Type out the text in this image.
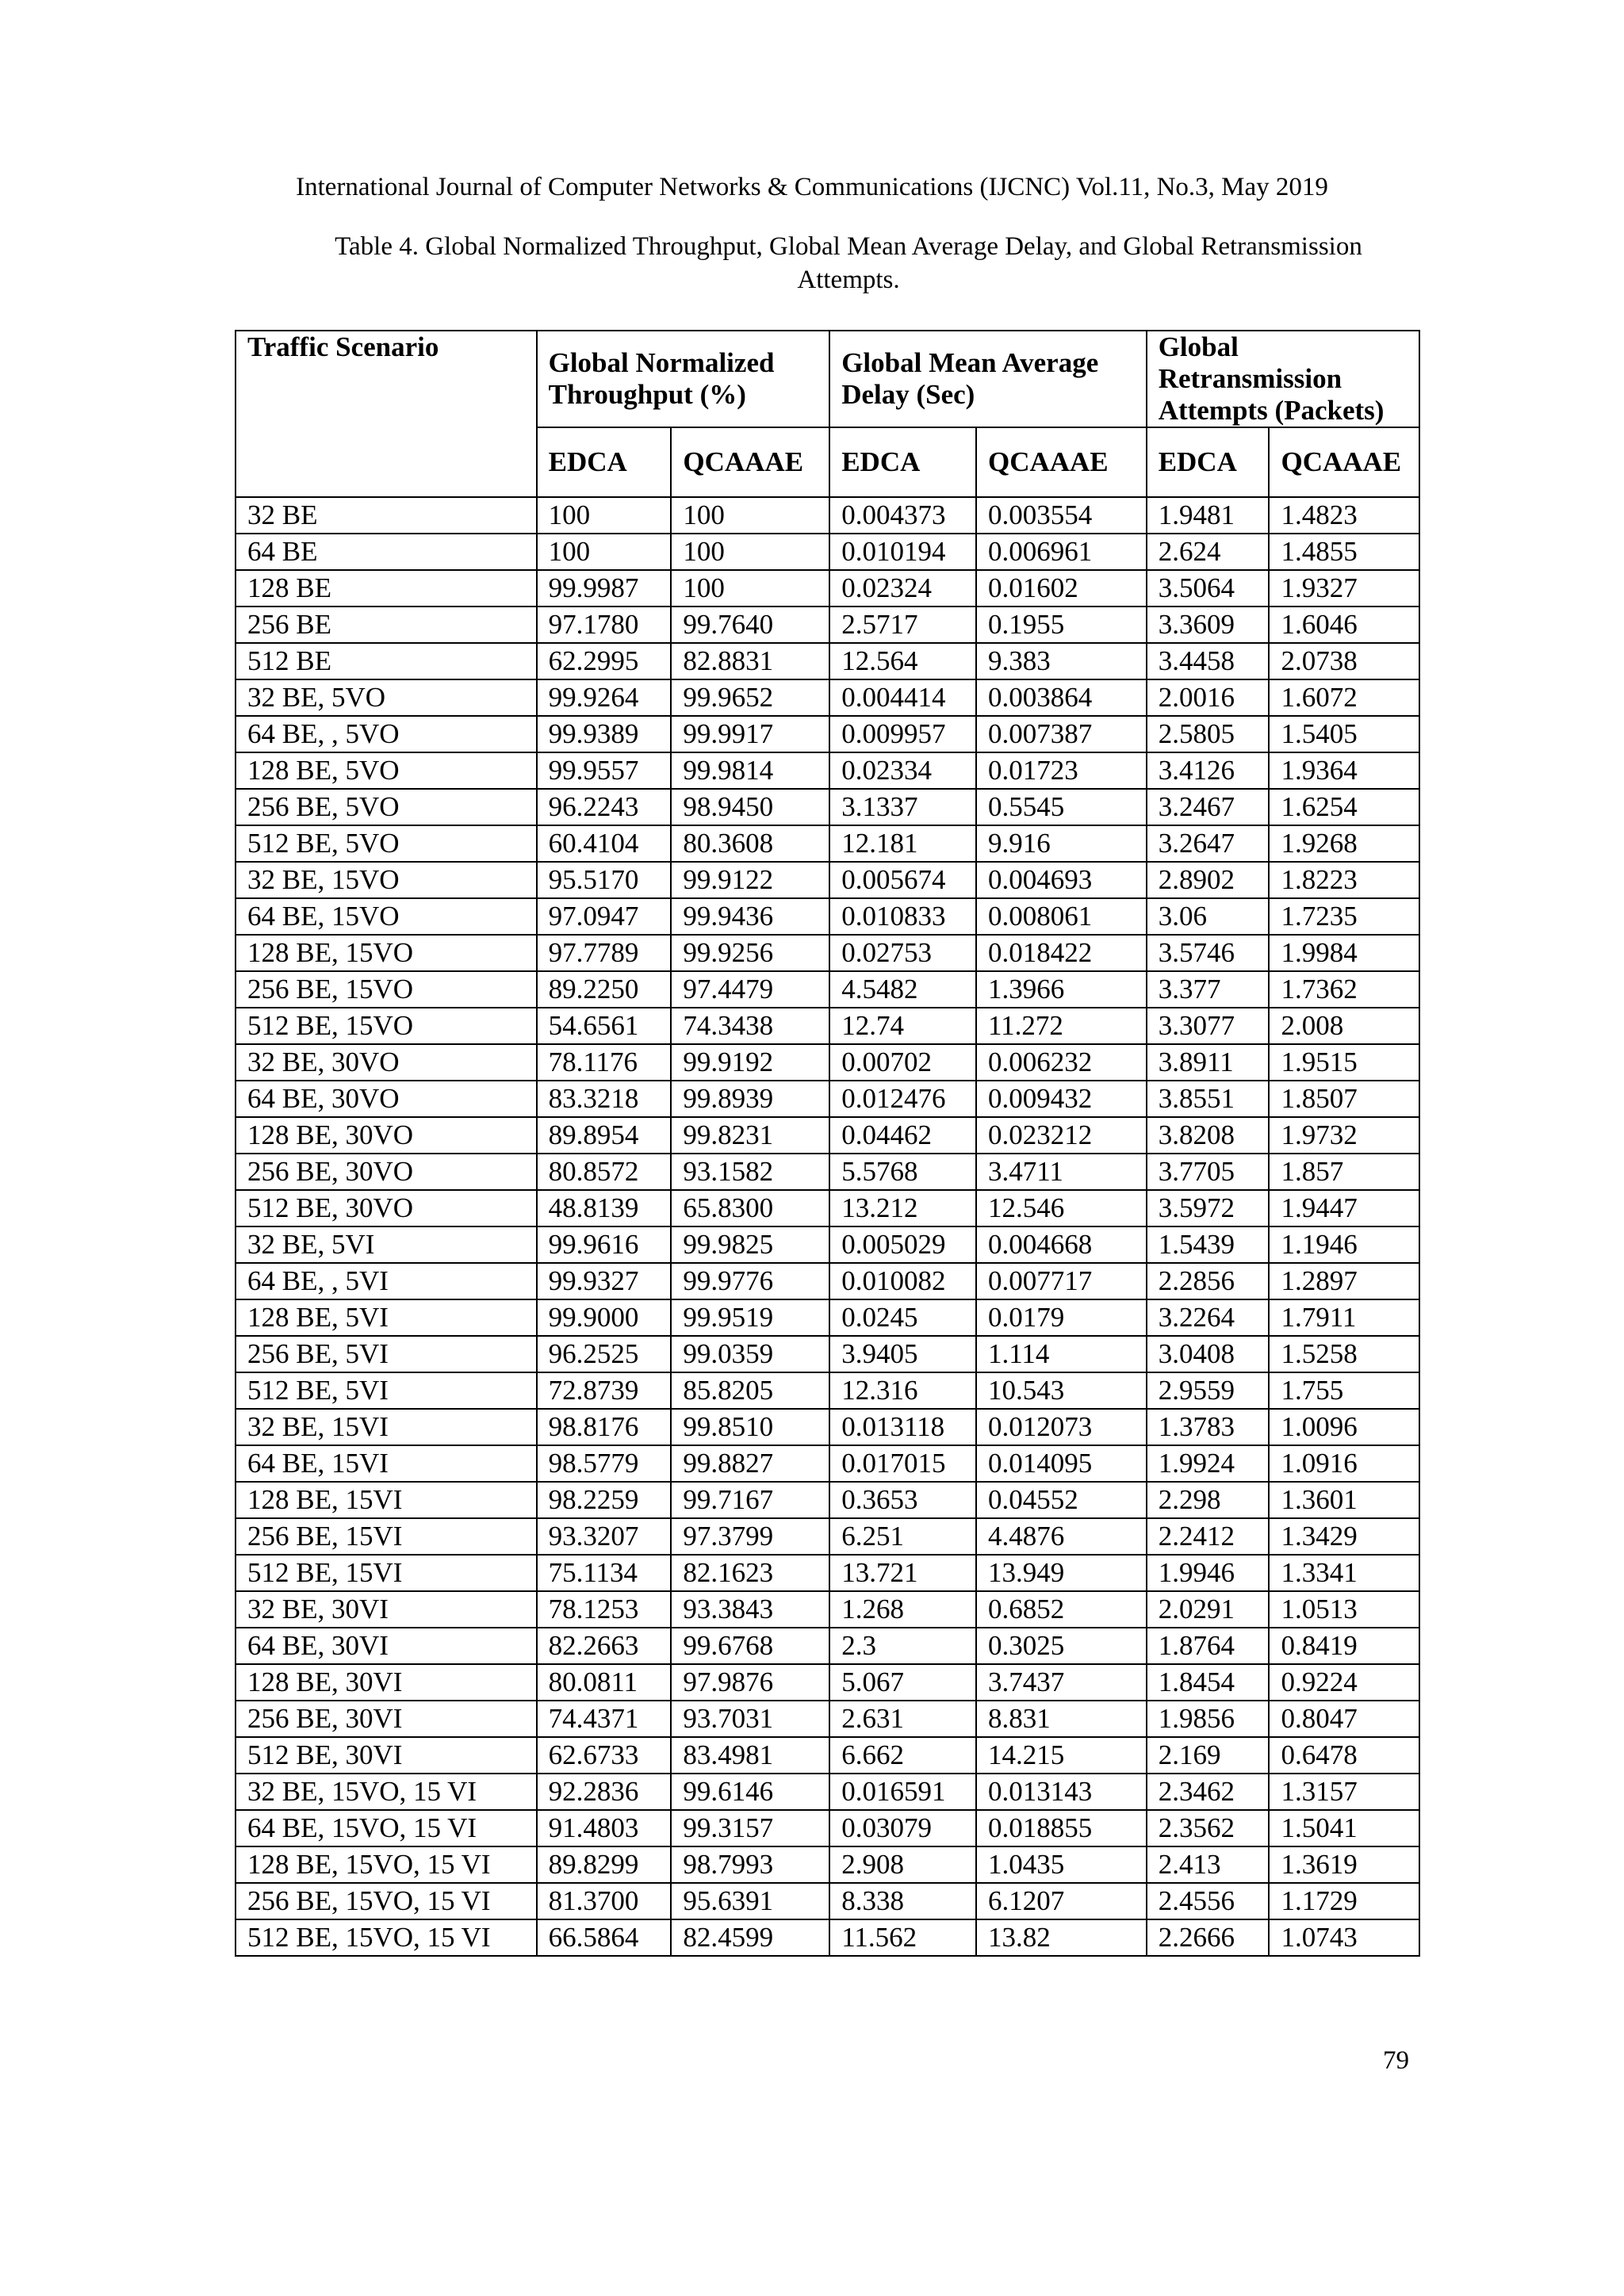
International Journal of Computer Networks & Communications (IJCNC) Vol.11, No.3, May 2019
Table 4. Global Normalized Throughput, Global Mean Average Delay, and Global Retransmission Attempts.
Traffic Scenario	Global Normalized Throughput (%)		Global Mean Average Delay (Sec)		Global Retransmission Attempts (Packets)	
	EDCA	QCAAAE	EDCA	QCAAAE	EDCA	QCAAAE
32 BE	100	100	0.004373	0.003554	1.9481	1.4823
64 BE	100	100	0.010194	0.006961	2.624	1.4855
128 BE	99.9987	100	0.02324	0.01602	3.5064	1.9327
256 BE	97.1780	99.7640	2.5717	0.1955	3.3609	1.6046
512 BE	62.2995	82.8831	12.564	9.383	3.4458	2.0738
32 BE, 5VO	99.9264	99.9652	0.004414	0.003864	2.0016	1.6072
64 BE, , 5VO	99.9389	99.9917	0.009957	0.007387	2.5805	1.5405
128 BE, 5VO	99.9557	99.9814	0.02334	0.01723	3.4126	1.9364
256 BE, 5VO	96.2243	98.9450	3.1337	0.5545	3.2467	1.6254
512 BE, 5VO	60.4104	80.3608	12.181	9.916	3.2647	1.9268
32 BE, 15VO	95.5170	99.9122	0.005674	0.004693	2.8902	1.8223
64 BE, 15VO	97.0947	99.9436	0.010833	0.008061	3.06	1.7235
128 BE, 15VO	97.7789	99.9256	0.02753	0.018422	3.5746	1.9984
256 BE, 15VO	89.2250	97.4479	4.5482	1.3966	3.377	1.7362
512 BE, 15VO	54.6561	74.3438	12.74	11.272	3.3077	2.008
32 BE, 30VO	78.1176	99.9192	0.00702	0.006232	3.8911	1.9515
64 BE, 30VO	83.3218	99.8939	0.012476	0.009432	3.8551	1.8507
128 BE, 30VO	89.8954	99.8231	0.04462	0.023212	3.8208	1.9732
256 BE, 30VO	80.8572	93.1582	5.5768	3.4711	3.7705	1.857
512 BE, 30VO	48.8139	65.8300	13.212	12.546	3.5972	1.9447
32 BE, 5VI	99.9616	99.9825	0.005029	0.004668	1.5439	1.1946
64 BE, , 5VI	99.9327	99.9776	0.010082	0.007717	2.2856	1.2897
128 BE, 5VI	99.9000	99.9519	0.0245	0.0179	3.2264	1.7911
256 BE, 5VI	96.2525	99.0359	3.9405	1.114	3.0408	1.5258
512 BE, 5VI	72.8739	85.8205	12.316	10.543	2.9559	1.755
32 BE, 15VI	98.8176	99.8510	0.013118	0.012073	1.3783	1.0096
64 BE, 15VI	98.5779	99.8827	0.017015	0.014095	1.9924	1.0916
128 BE, 15VI	98.2259	99.7167	0.3653	0.04552	2.298	1.3601
256 BE, 15VI	93.3207	97.3799	6.251	4.4876	2.2412	1.3429
512 BE, 15VI	75.1134	82.1623	13.721	13.949	1.9946	1.3341
32 BE, 30VI	78.1253	93.3843	1.268	0.6852	2.0291	1.0513
64 BE, 30VI	82.2663	99.6768	2.3	0.3025	1.8764	0.8419
128 BE, 30VI	80.0811	97.9876	5.067	3.7437	1.8454	0.9224
256 BE, 30VI	74.4371	93.7031	2.631	8.831	1.9856	0.8047
512 BE, 30VI	62.6733	83.4981	6.662	14.215	2.169	0.6478
32 BE, 15VO, 15 VI	92.2836	99.6146	0.016591	0.013143	2.3462	1.3157
64 BE, 15VO, 15 VI	91.4803	99.3157	0.03079	0.018855	2.3562	1.5041
128 BE, 15VO, 15 VI	89.8299	98.7993	2.908	1.0435	2.413	1.3619
256 BE, 15VO, 15 VI	81.3700	95.6391	8.338	6.1207	2.4556	1.1729
512 BE, 15VO, 15 VI	66.5864	82.4599	11.562	13.82	2.2666	1.0743
79
